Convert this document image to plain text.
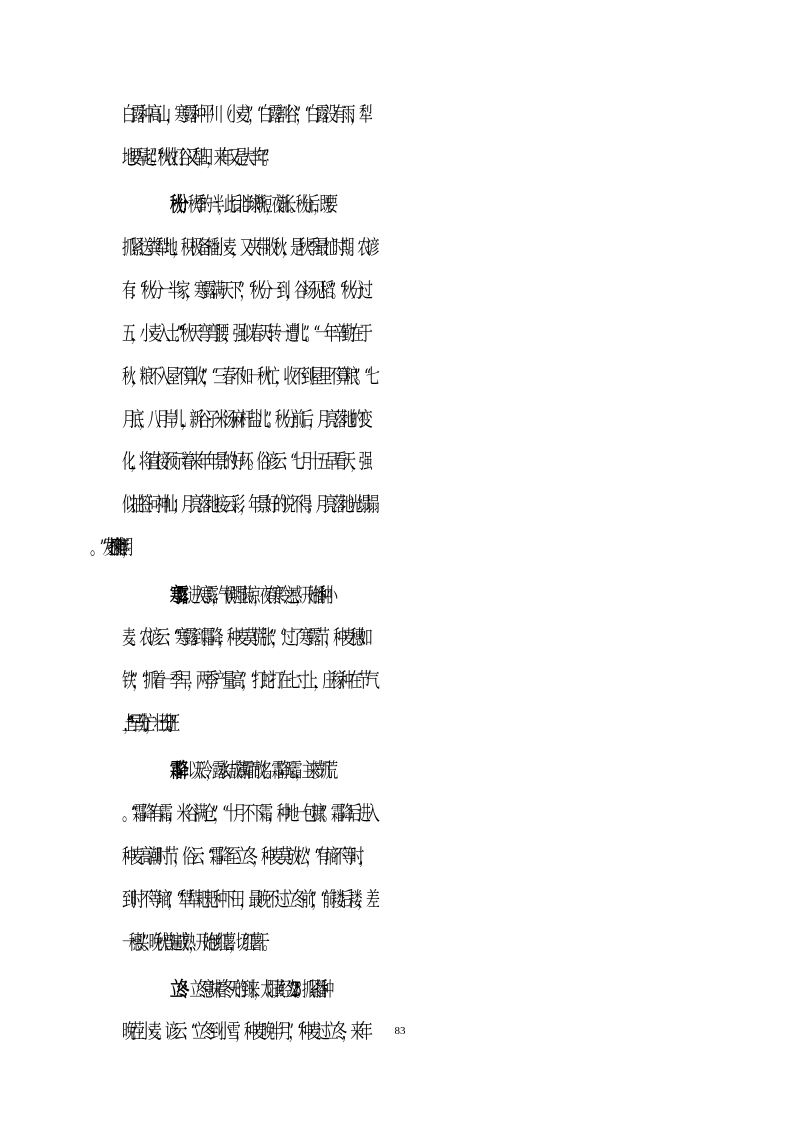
白露种高山，寒露种平川（小麦）”，“白露割谷”，“白露没有雨，犁
地要早起”。“秋收打谷又犁田，来年又是大丰年”。
秋分：秋季的一半，此后北半球渐短，夜渐长。秋分后，既要
抓紧送粪犁地，积极备播小麦，又夹带收秋，是秋季最忙时期。农谚
有：“秋分一半家，寒露满天下”，“秋分一到，谷场见稻”。“秋分过
五，小麦入土。”“秋天弯弯腰，强似春天转一遭儿”。“一年辛勤在于
秋，粮不入屋不算收”，“三春不如一秋忙，收不到屋里不算粮”。“七
月底，八月岸儿，新谷子米汤麻杆盐儿”。秋分前后，月亮落地的变
化，将直接预示着来年年景的好坏。俗谚云：“七月十五早看天，强
似抽签问神仙；月亮落地接云彩，年景好的说不得；月亮落地光塌塌
寒露：进入寒露，气候明显转凉，夜有寒冷之感，开始播种小
麦。农谚云：“寒露到霜降，种麦莫慌张”，“过了寒露节，种麦穗如
铁”，“抓着一季早，两季产量高”，“打蛇打在七寸上，庄稼种在节气
上”，“一早三分忙，一壮三分旺”。
霜降：以天冷，露水结成薄霜而故名。霜降无霜，主来岁饥荒
。“霜降有霜，米谷满仓”，“十月不下霜，种地一包糠”。霜降后进入
种麦高潮时节，俗云：“霜降至立冬，种麦莫放松”，“有墒不等时，
到时不等墒”，“犁犁耙耙种下田，最晚不过立冬前”，“前耧后耧，差
一穗头”。晚秋普遍成熟，开始刨红薯，切红薯干。
立冬：立冬意味着冬天的到来，太阳黄经为 225°。抓紧播种
晚茬小麦。谚云：“立冬到小雪，种麦晚半月”，“种麦过立冬，来年	83
